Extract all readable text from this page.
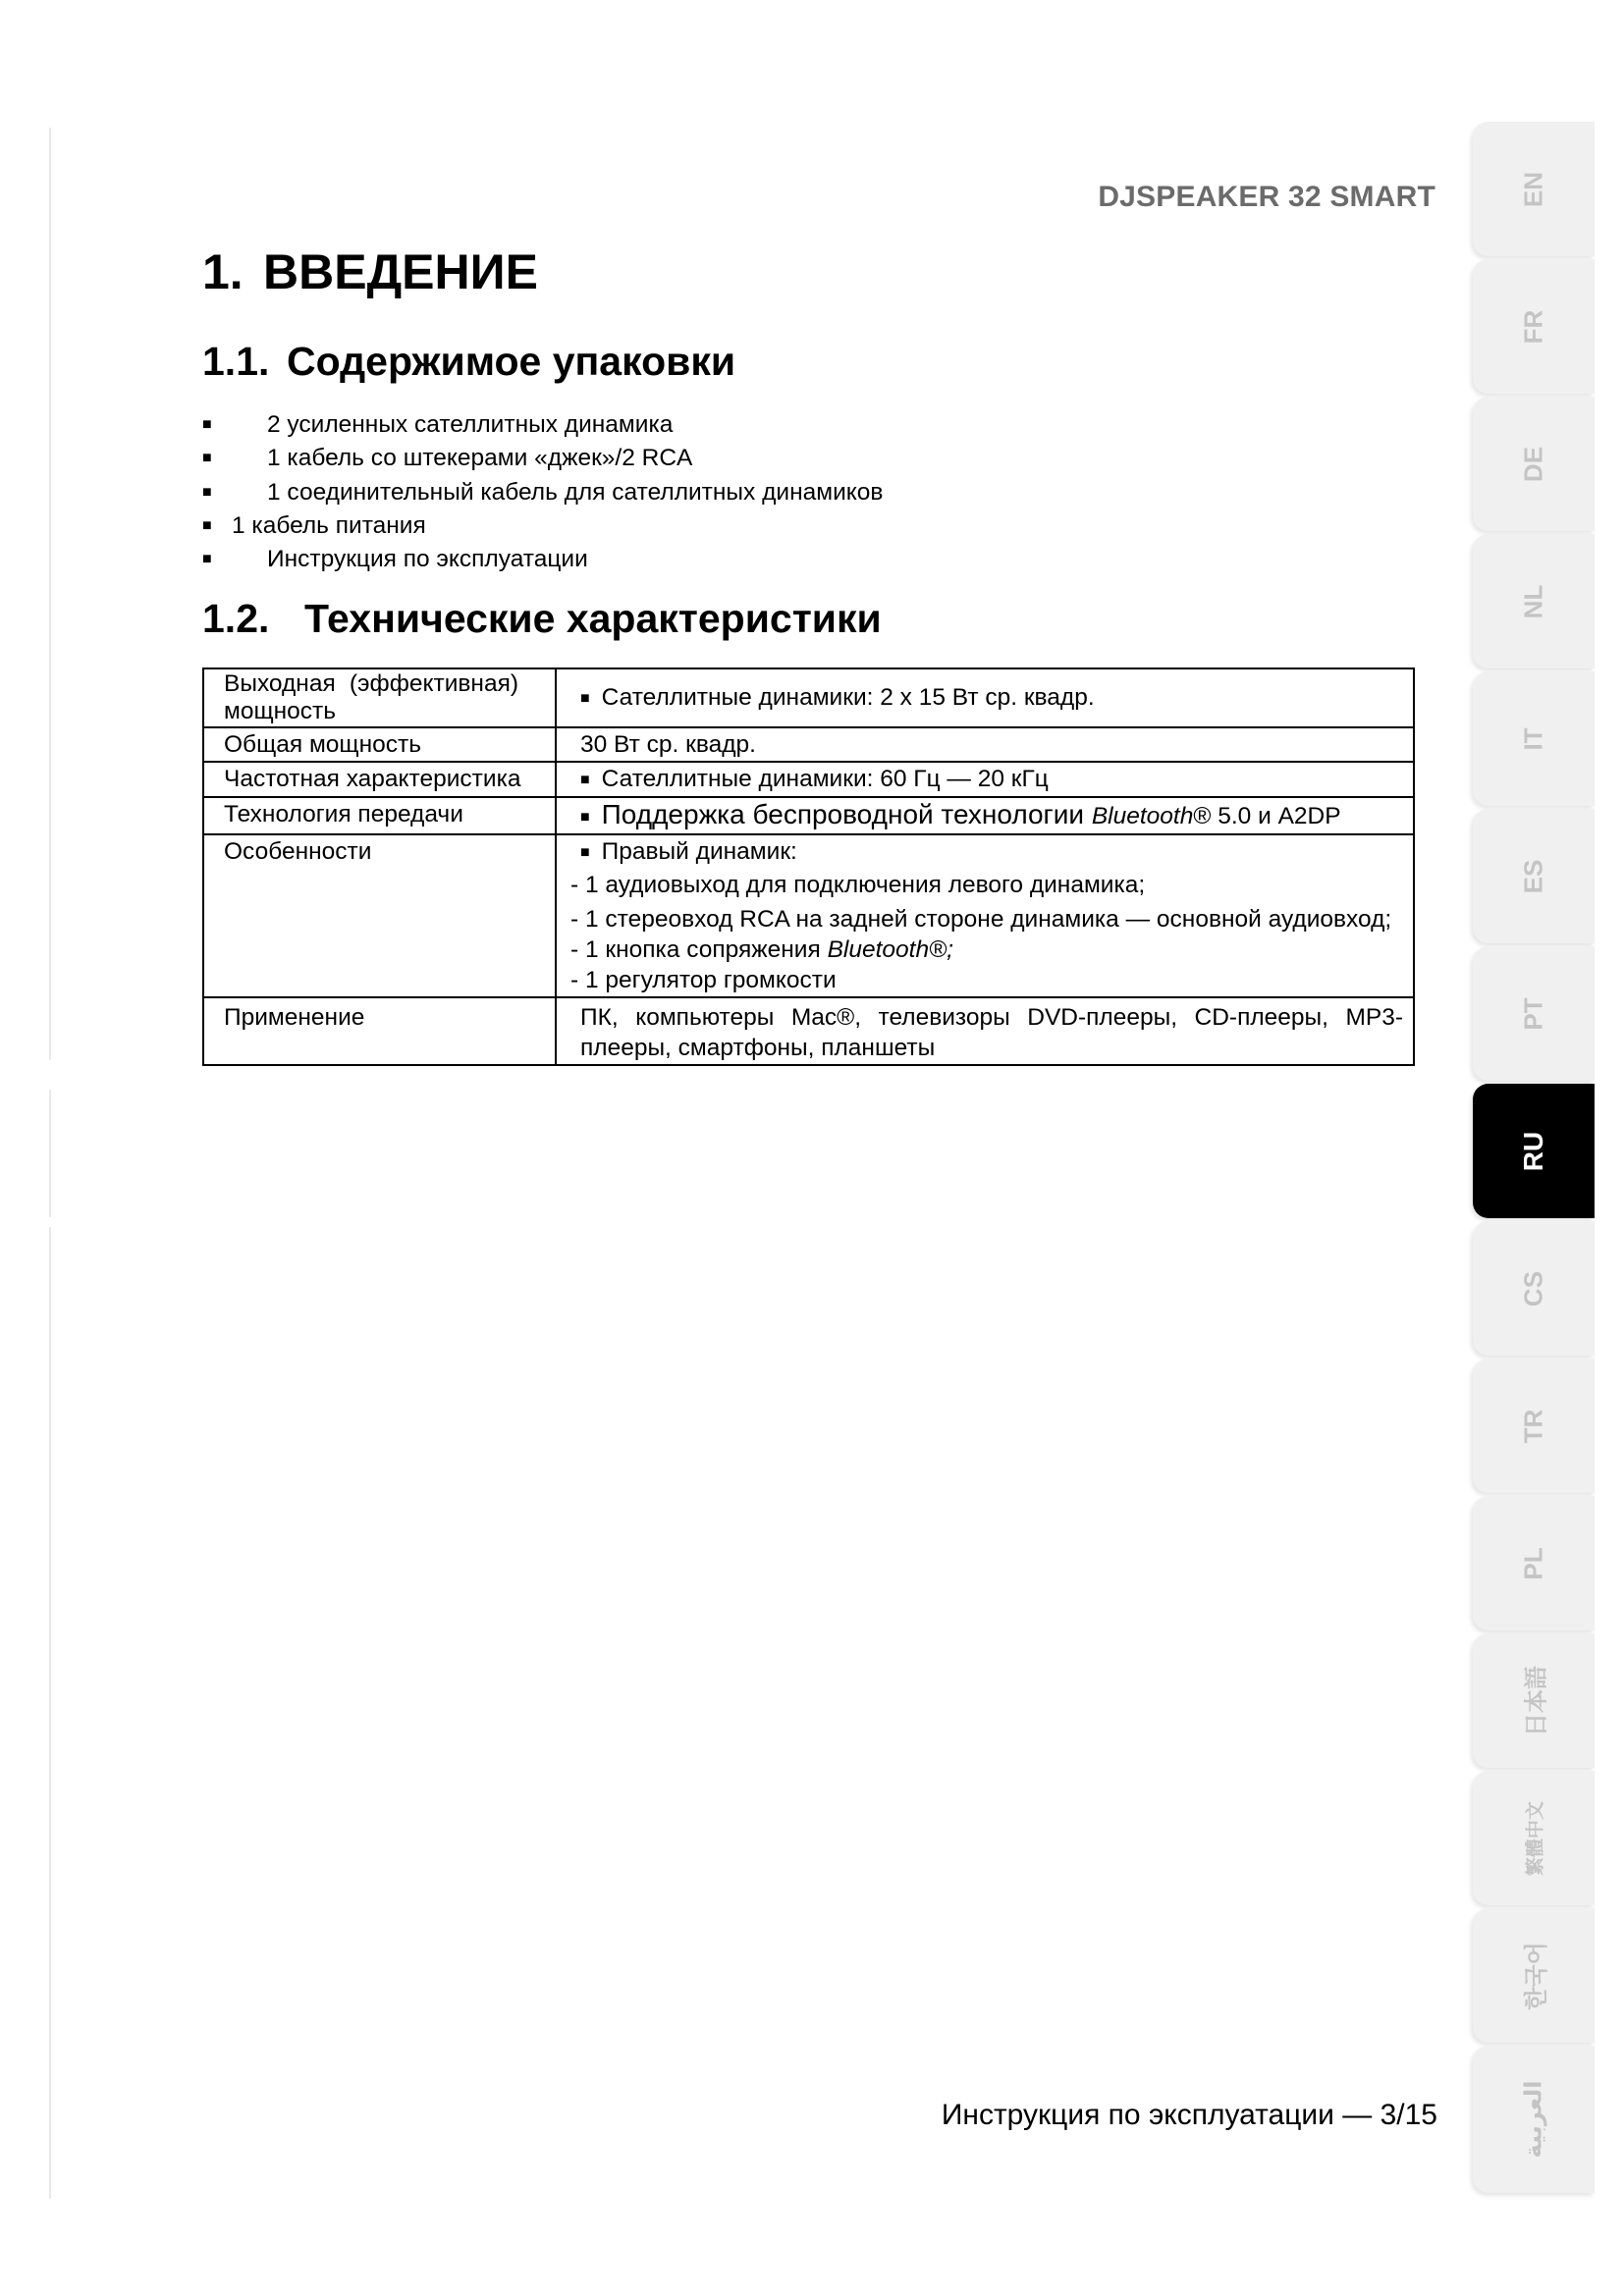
DJSPEAKER 32 SMART
1. ВВЕДЕНИЕ
1.1. Содержимое упаковки
■ 2 усиленных сателлитных динамика
■ 1 кабель со штекерами «джек»/2 RCA
■ 1 соединительный кабель для сателлитных динамиков
■ 1 кабель питания
■ Инструкция по эксплуатации
1.2. Технические характеристики
Выходная (эффективная) мощность	■ Сателлитные динамики: 2 x 15 Вт ср. квадр.
Общая мощность	30 Вт ср. квадр.
Частотная характеристика	■ Сателлитные динамики: 60 Гц — 20 кГц
Технология передачи	■ Поддержка беспроводной технологии Bluetooth® 5.0 и A2DP
Особенности	■ Правый динамик:
- 1 аудиовыход для подключения левого динамика;
- 1 стереовход RCA на задней стороне динамика — основной аудиовход;
- 1 кнопка сопряжения Bluetooth®;
- 1 регулятор громкости

Применение	ПК, компьютеры Mac®, телевизоры DVD-плееры, CD-плееры, MP3-
плееры, смартфоны, планшеты
Инструкция по эксплуатации — 3/15
EN
FR
DE
NL
IT
ES
PT
RU
CS
TR
PL
日本語
繁體中文
한국어
العربية
